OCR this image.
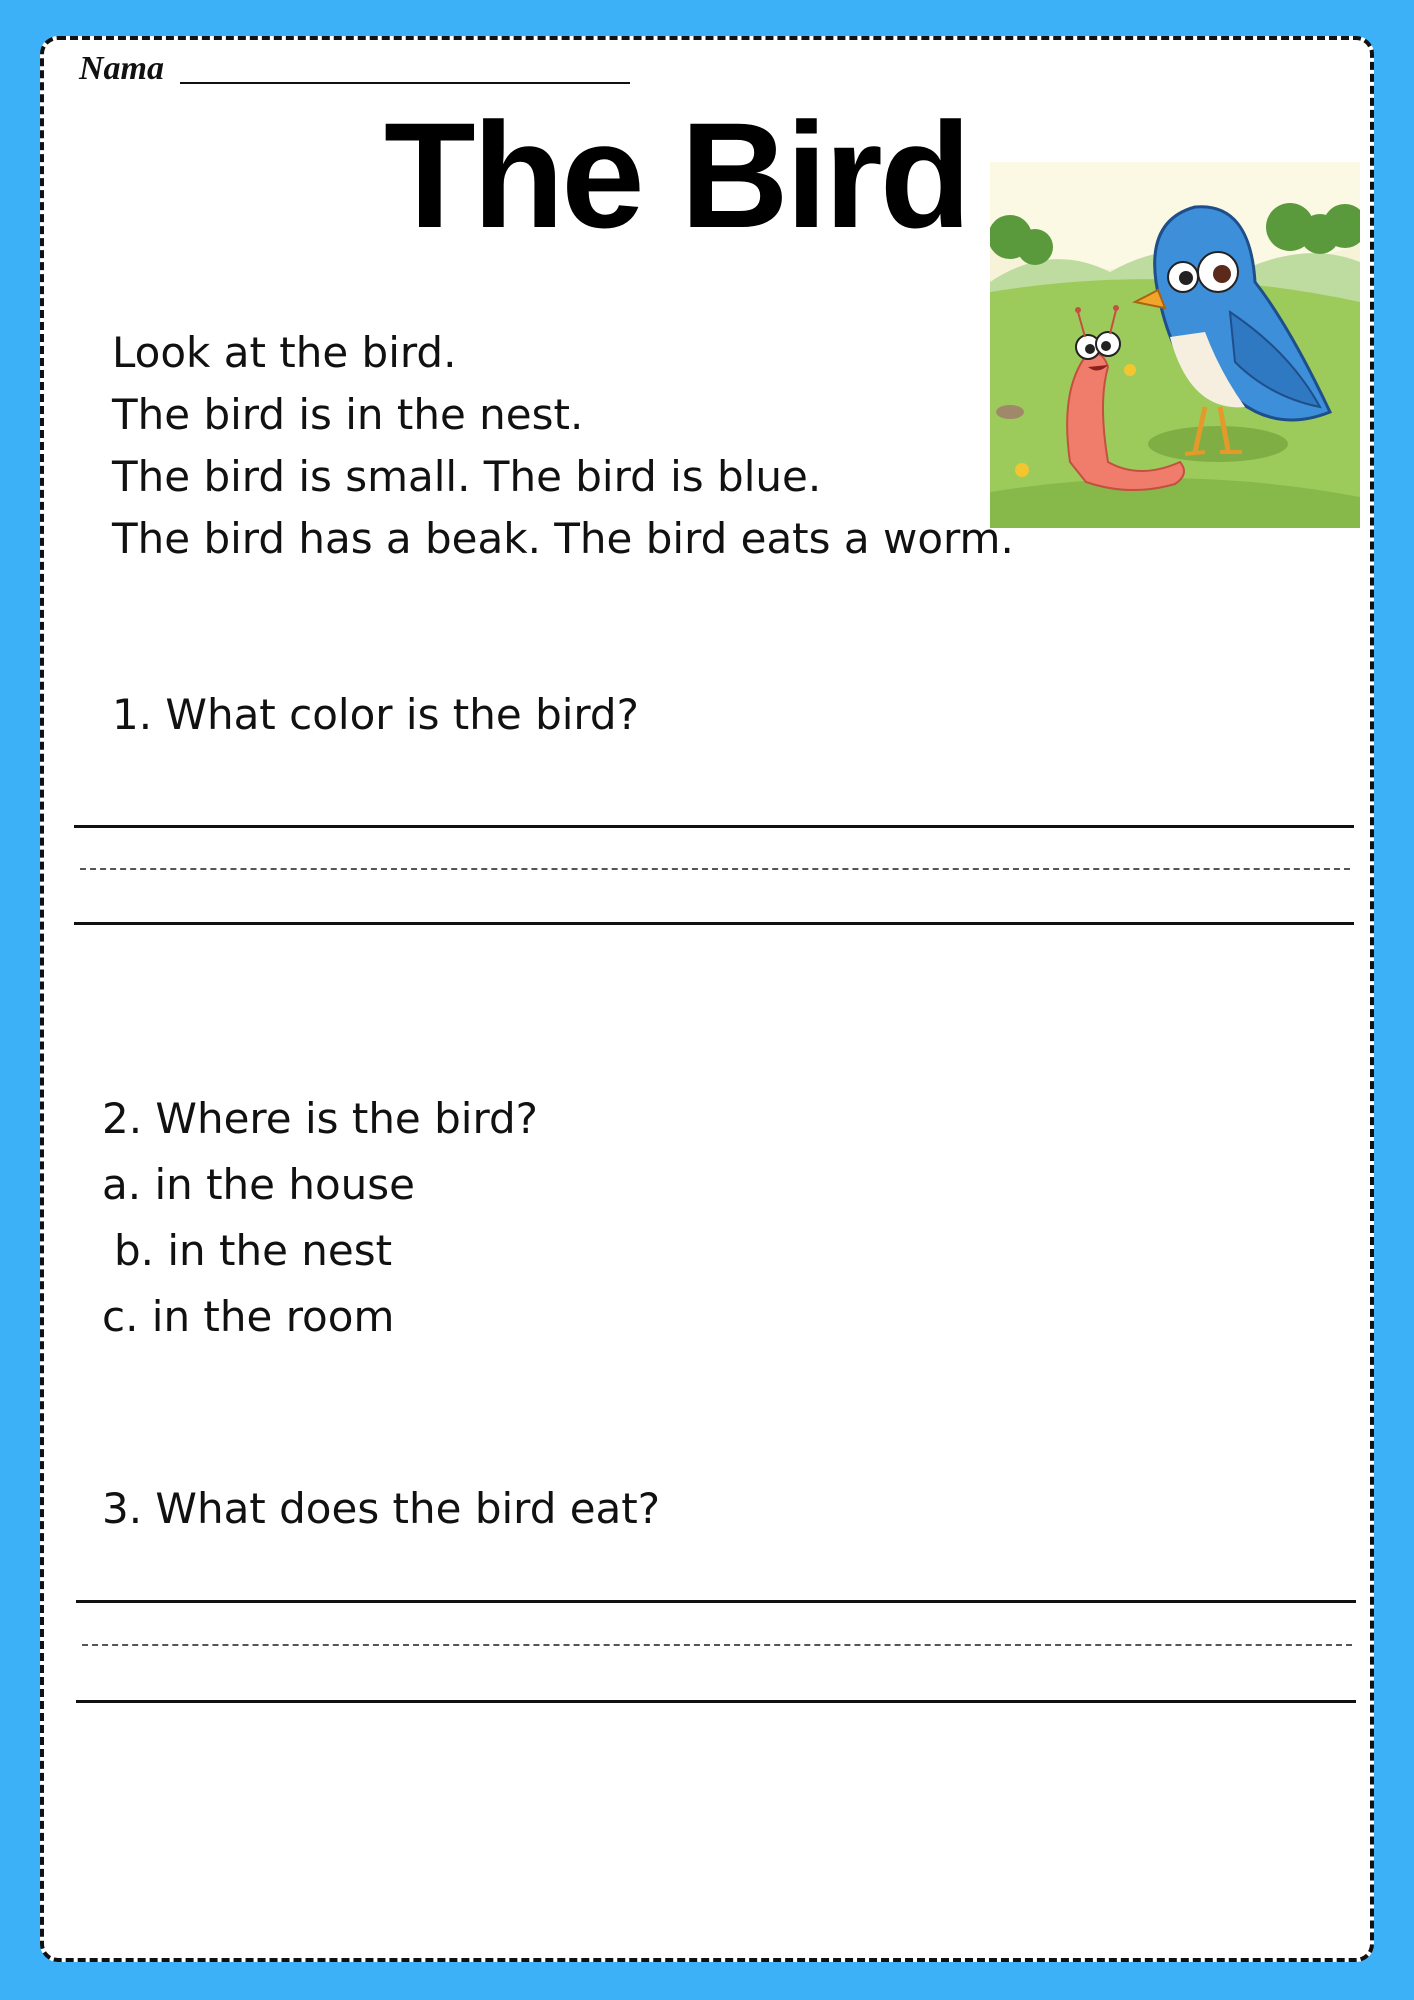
Nama
The Bird
Look at the bird.
The bird is in the nest.
The bird is small. The bird is blue.
The bird has a beak. The bird eats a worm.
1. What color is the bird?
2. Where is the bird?
a. in the house
b. in the nest
c. in the room
3. What does the bird eat?
